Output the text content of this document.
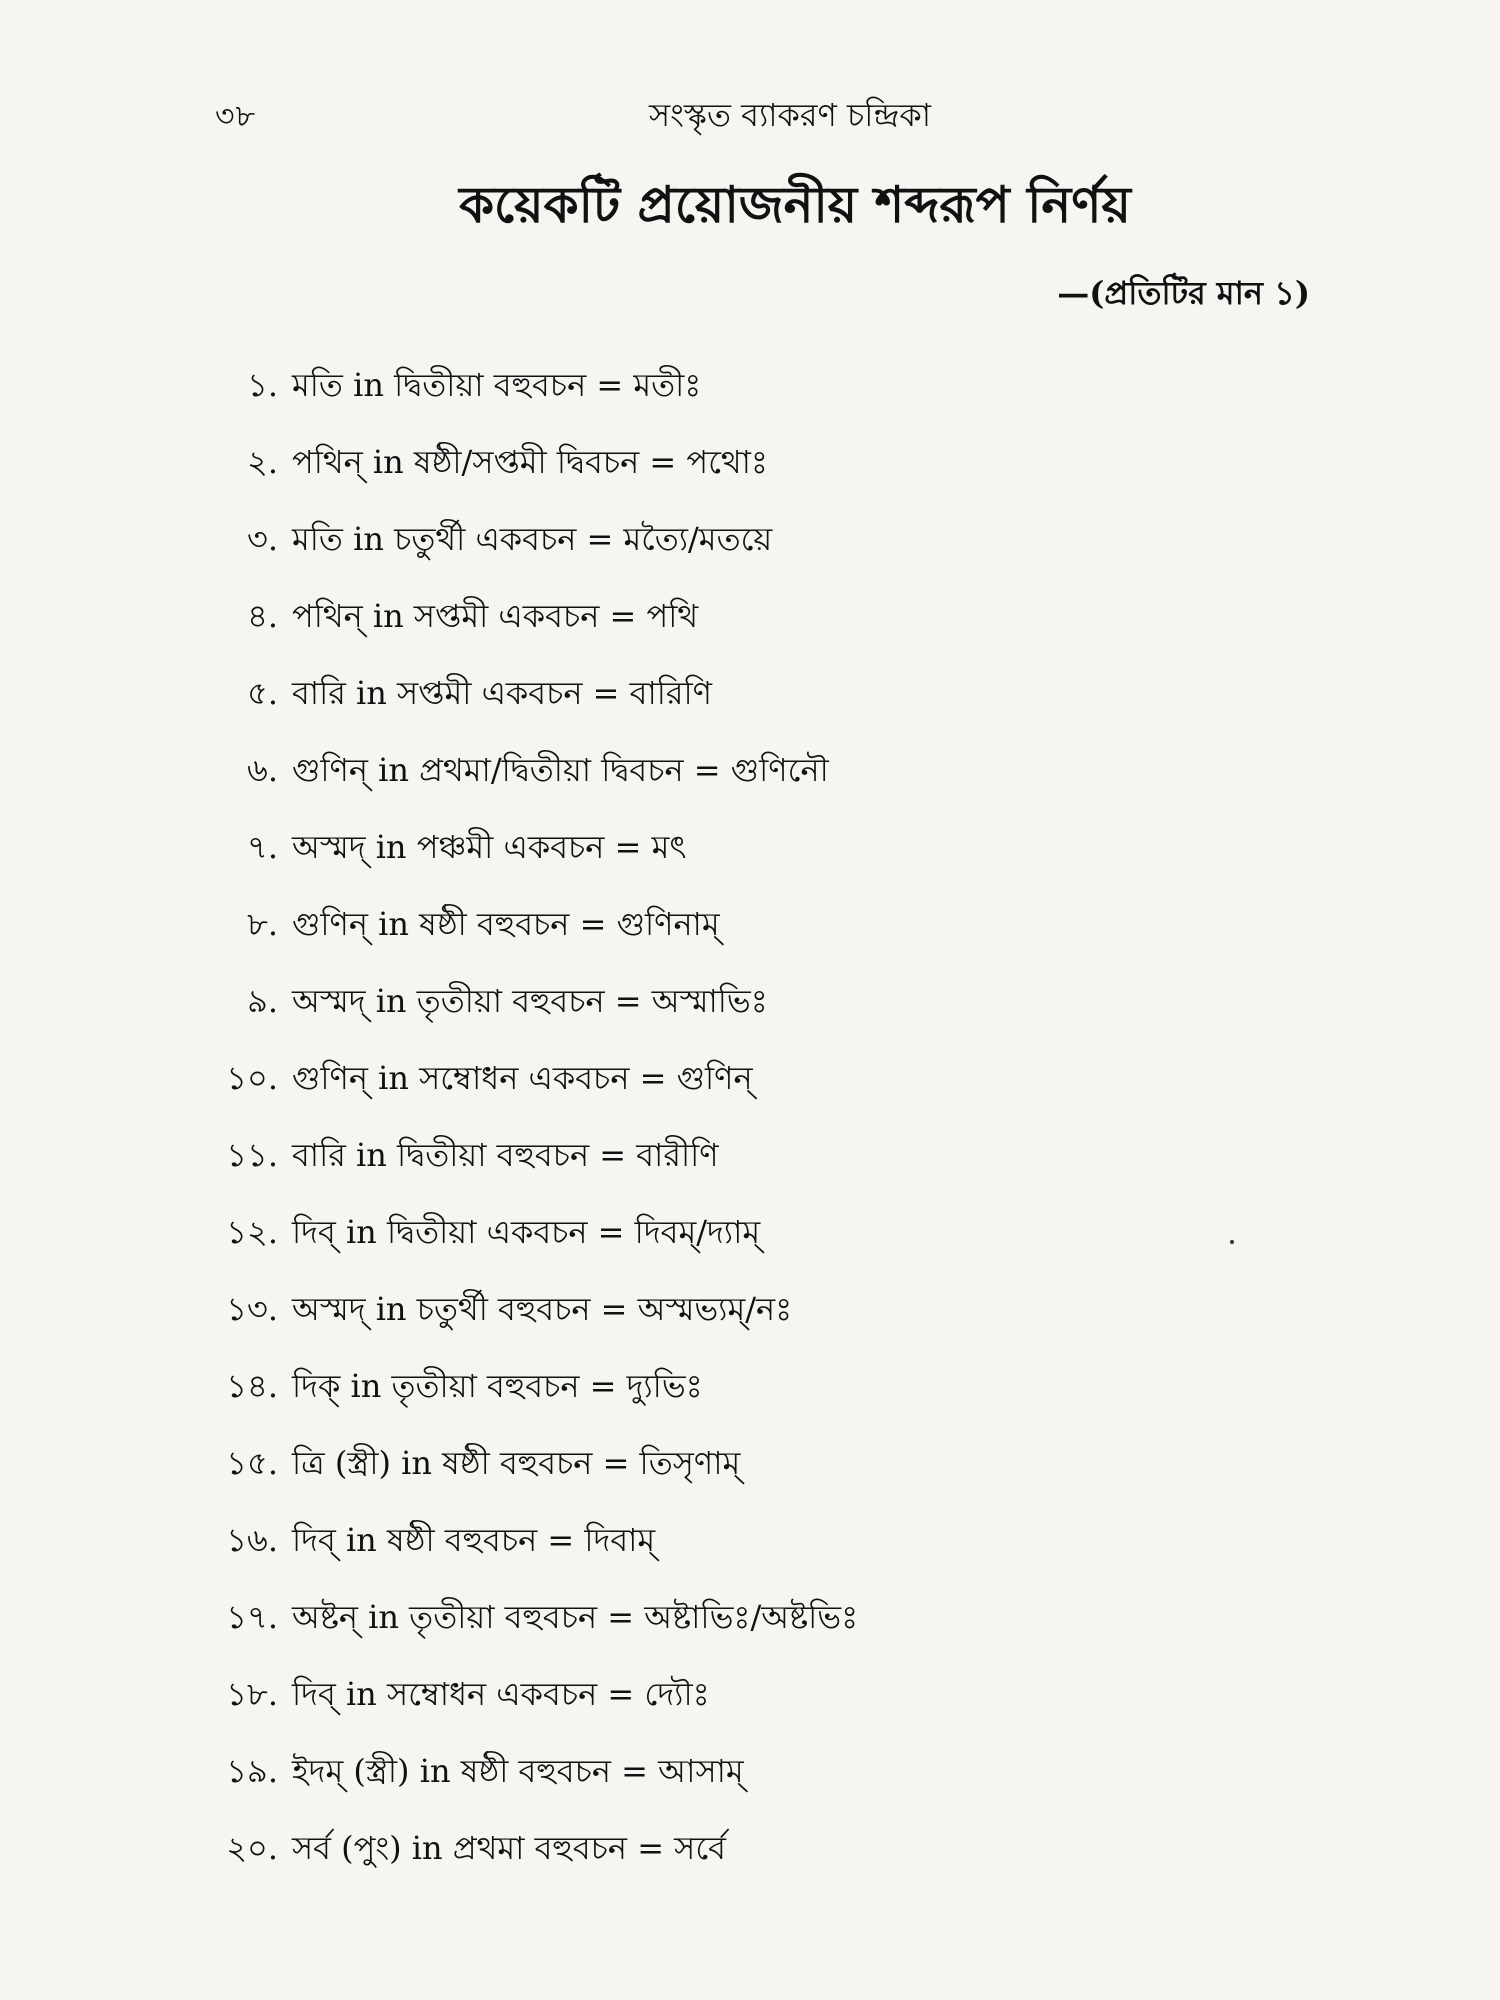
৩৮	সংস্কৃত ব্যাকরণ চন্দ্রিকা
কয়েকটি প্রয়োজনীয় শব্দরূপ নির্ণয়
—(প্রতিটির মান ১)
১. মতি in দ্বিতীয়া বহুবচন = মতীঃ
২. পথিন্ in ষষ্ঠী/সপ্তমী দ্বিবচন = পথোঃ
৩. মতি in চতুর্থী একবচন = মত্যৈ/মতয়ে
৪. পথিন্ in সপ্তমী একবচন = পথি
৫. বারি in সপ্তমী একবচন = বারিণি
৬. গুণিন্ in প্রথমা/দ্বিতীয়া দ্বিবচন = গুণিনৌ
৭. অস্মদ্ in পঞ্চমী একবচন = মৎ
৮. গুণিন্ in ষষ্ঠী বহুবচন = গুণিনাম্
৯. অস্মদ্ in তৃতীয়া বহুবচন = অস্মাভিঃ
১০. গুণিন্ in সম্বোধন একবচন = গুণিন্
১১. বারি in দ্বিতীয়া বহুবচন = বারীণি
১২. দিব্ in দ্বিতীয়া একবচন = দিবম্/দ্যাম্
১৩. অস্মদ্ in চতুর্থী বহুবচন = অস্মভ্যম্/নঃ
১৪. দিক্ in তৃতীয়া বহুবচন = দ্যুভিঃ
১৫. ত্রি (স্ত্রী) in ষষ্ঠী বহুবচন = তিসৃণাম্
১৬. দিব্ in ষষ্ঠী বহুবচন = দিবাম্
১৭. অষ্টন্ in তৃতীয়া বহুবচন = অষ্টাভিঃ/অষ্টভিঃ
১৮. দিব্ in সম্বোধন একবচন = দ্যৌঃ
১৯. ইদম্ (স্ত্রী) in ষষ্ঠী বহুবচন = আসাম্
২০. সর্ব (পুং) in প্রথমা বহুবচন = সর্বে
